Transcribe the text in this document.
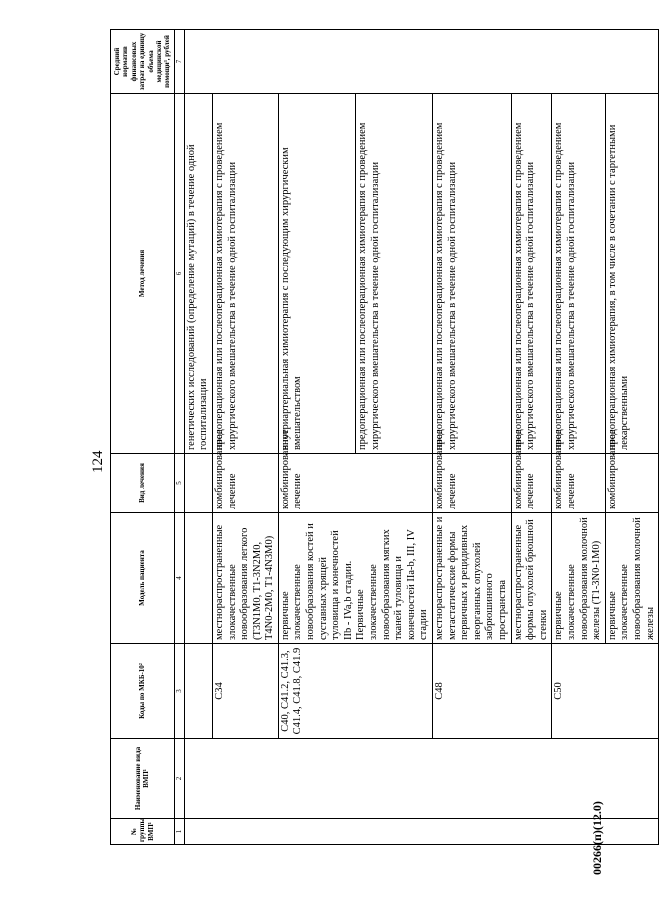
124
№ группы ВМП¹	Наименование вида ВМП¹	Коды по МКБ-10²	Модель пациента	Вид лечения	Метод лечения	Средний норматив финансовых затрат на единицу объема медицинской помощи³, рублей
1	2	3	4	5	6	7
					генетических исследований (определение мутаций) в течение одной госпитализации	
		C34	местнораспространенные злокачественные новообразования легкого (T3N1M0, T1-3N2M0, T4N0-2M0, T1-4N3M0)	комбинированное лечение	предоперационная или послеоперационная химиотерапия с проведением хирургического вмешательства в течение одной госпитализации	
		C40, C41.2, C41.3, C41.4, C41.8, C41.9	первичные злокачественные новообразования костей и суставных хрящей туловища и конечностей IIb - IVa,b стадии. Первичные злокачественные новообразования мягких тканей туловища и конечностей IIa-b, III, IV стадии	комбинированное лечение	внутриартериальная химиотерапия с последующим хирургическим вмешательством	
					предоперационная или послеоперационная химиотерапия с проведением хирургического вмешательства в течение одной госпитализации	
		C48	местнораспространенные и метастатические формы первичных и рецидивных неорганных опухолей забрюшинного пространства	комбинированное лечение	предоперационная или послеоперационная химиотерапия с проведением хирургического вмешательства в течение одной госпитализации	
			местнораспространенные формы опухолей брюшной стенки	комбинированное лечение	предоперационная или послеоперационная химиотерапия с проведением хирургического вмешательства в течение одной госпитализации	
		C50	первичные злокачественные новообразования молочной железы (T1-3N0-1M0)	комбинированное лечение	предоперационная или послеоперационная химиотерапия с проведением хирургического вмешательства в течение одной госпитализации	
			первичные злокачественные новообразования молочной железы	комбинированное	предоперационная химиотерапия, в том числе в сочетании с таргетными лекарственными	
00266(п)(12.0)
